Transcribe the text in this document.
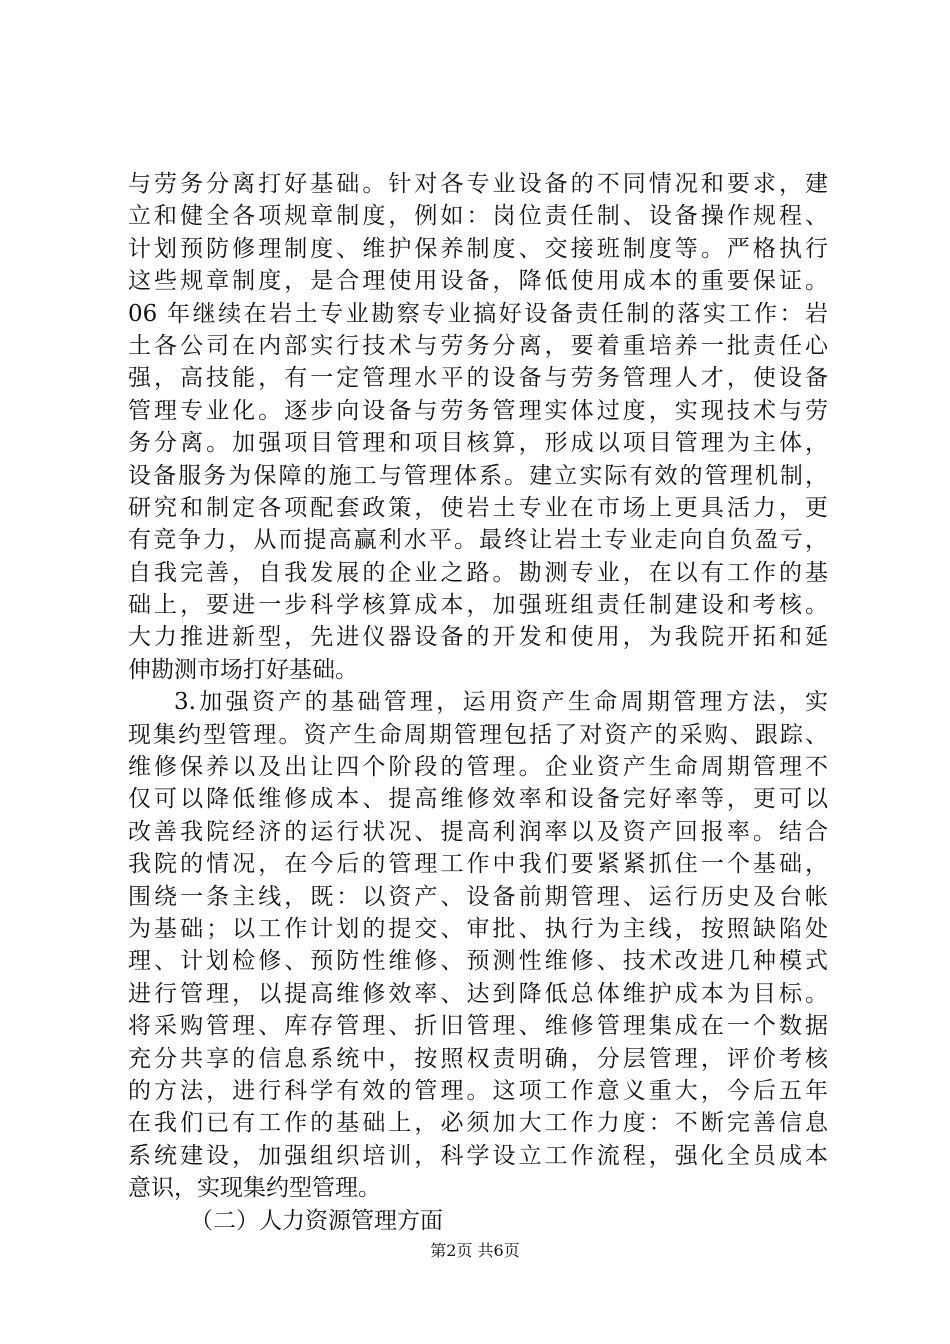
与劳务分离打好基础。针对各专业设备的不同情况和要求，建
立和健全各项规章制度，例如：岗位责任制、设备操作规程、
计划预防修理制度、维护保养制度、交接班制度等。严格执行
这些规章制度，是合理使用设备，降低使用成本的重要保证。
06 年继续在岩土专业勘察专业搞好设备责任制的落实工作：岩
土各公司在内部实行技术与劳务分离，要着重培养一批责任心
强，高技能，有一定管理水平的设备与劳务管理人才，使设备
管理专业化。逐步向设备与劳务管理实体过度，实现技术与劳
务分离。加强项目管理和项目核算，形成以项目管理为主体，
设备服务为保障的施工与管理体系。建立实际有效的管理机制，
研究和制定各项配套政策，使岩土专业在市场上更具活力，更
有竞争力，从而提高赢利水平。最终让岩土专业走向自负盈亏，
自我完善，自我发展的企业之路。勘测专业，在以有工作的基
础上，要进一步科学核算成本，加强班组责任制建设和考核。
大力推进新型，先进仪器设备的开发和使用，为我院开拓和延
伸勘测市场打好基础。
3.加强资产的基础管理，运用资产生命周期管理方法，实
现集约型管理。资产生命周期管理包括了对资产的采购、跟踪、
维修保养以及出让四个阶段的管理。企业资产生命周期管理不
仅可以降低维修成本、提高维修效率和设备完好率等，更可以
改善我院经济的运行状况、提高利润率以及资产回报率。结合
我院的情况，在今后的管理工作中我们要紧紧抓住一个基础，
围绕一条主线，既：以资产、设备前期管理、运行历史及台帐
为基础；以工作计划的提交、审批、执行为主线，按照缺陷处
理、计划检修、预防性维修、预测性维修、技术改进几种模式
进行管理，以提高维修效率、达到降低总体维护成本为目标。
将采购管理、库存管理、折旧管理、维修管理集成在一个数据
充分共享的信息系统中，按照权责明确，分层管理，评价考核
的方法，进行科学有效的管理。这项工作意义重大，今后五年
在我们已有工作的基础上，必须加大工作力度：不断完善信息
系统建设，加强组织培训，科学设立工作流程，强化全员成本
意识，实现集约型管理。
（二）人力资源管理方面
第2页 共6页
